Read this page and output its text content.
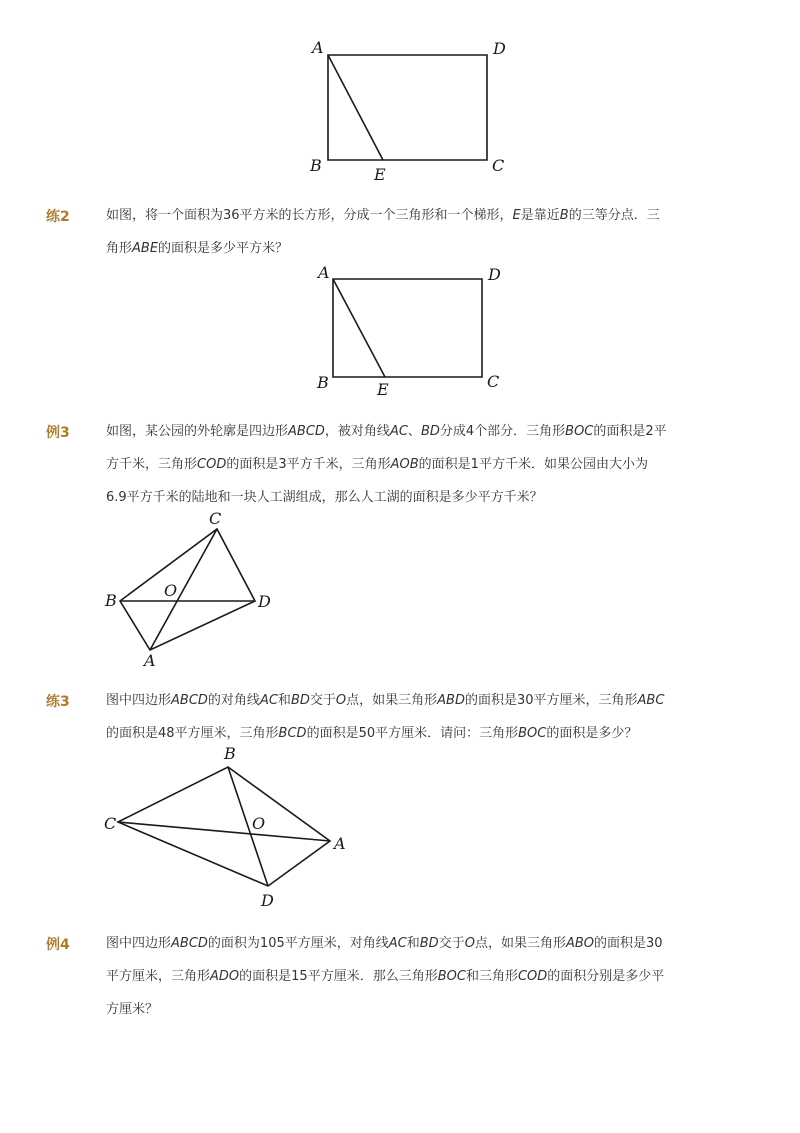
A	D
B	E	C
练2	如图，将一个面积为36平方米的长方形，分成一个三角形和一个梯形，E是靠近B的三等分点．三
角形ABE的面积是多少平方米？
A	D
B	E	C
例3	如图，某公园的外轮廓是四边形ABCD，被对角线AC、BD分成4个部分．三角形BOC的面积是2平
方千米，三角形COD的面积是3平方千米，三角形AOB的面积是1平方千米．如果公园由大小为
6.9平方千米的陆地和一块人工湖组成，那么人工湖的面积是多少平方千米？
C
B
O
D
A
练3	图中四边形ABCD的对角线AC和BD交于O点，如果三角形ABD的面积是30平方厘米，三角形ABC
的面积是48平方厘米，三角形BCD的面积是50平方厘米．请问：三角形BOC的面积是多少？
B
C	O
A
D
例4	图中四边形ABCD的面积为105平方厘米，对角线AC和BD交于O点，如果三角形ABO的面积是30
平方厘米，三角形ADO的面积是15平方厘米．那么三角形BOC和三角形COD的面积分别是多少平
方厘米？
